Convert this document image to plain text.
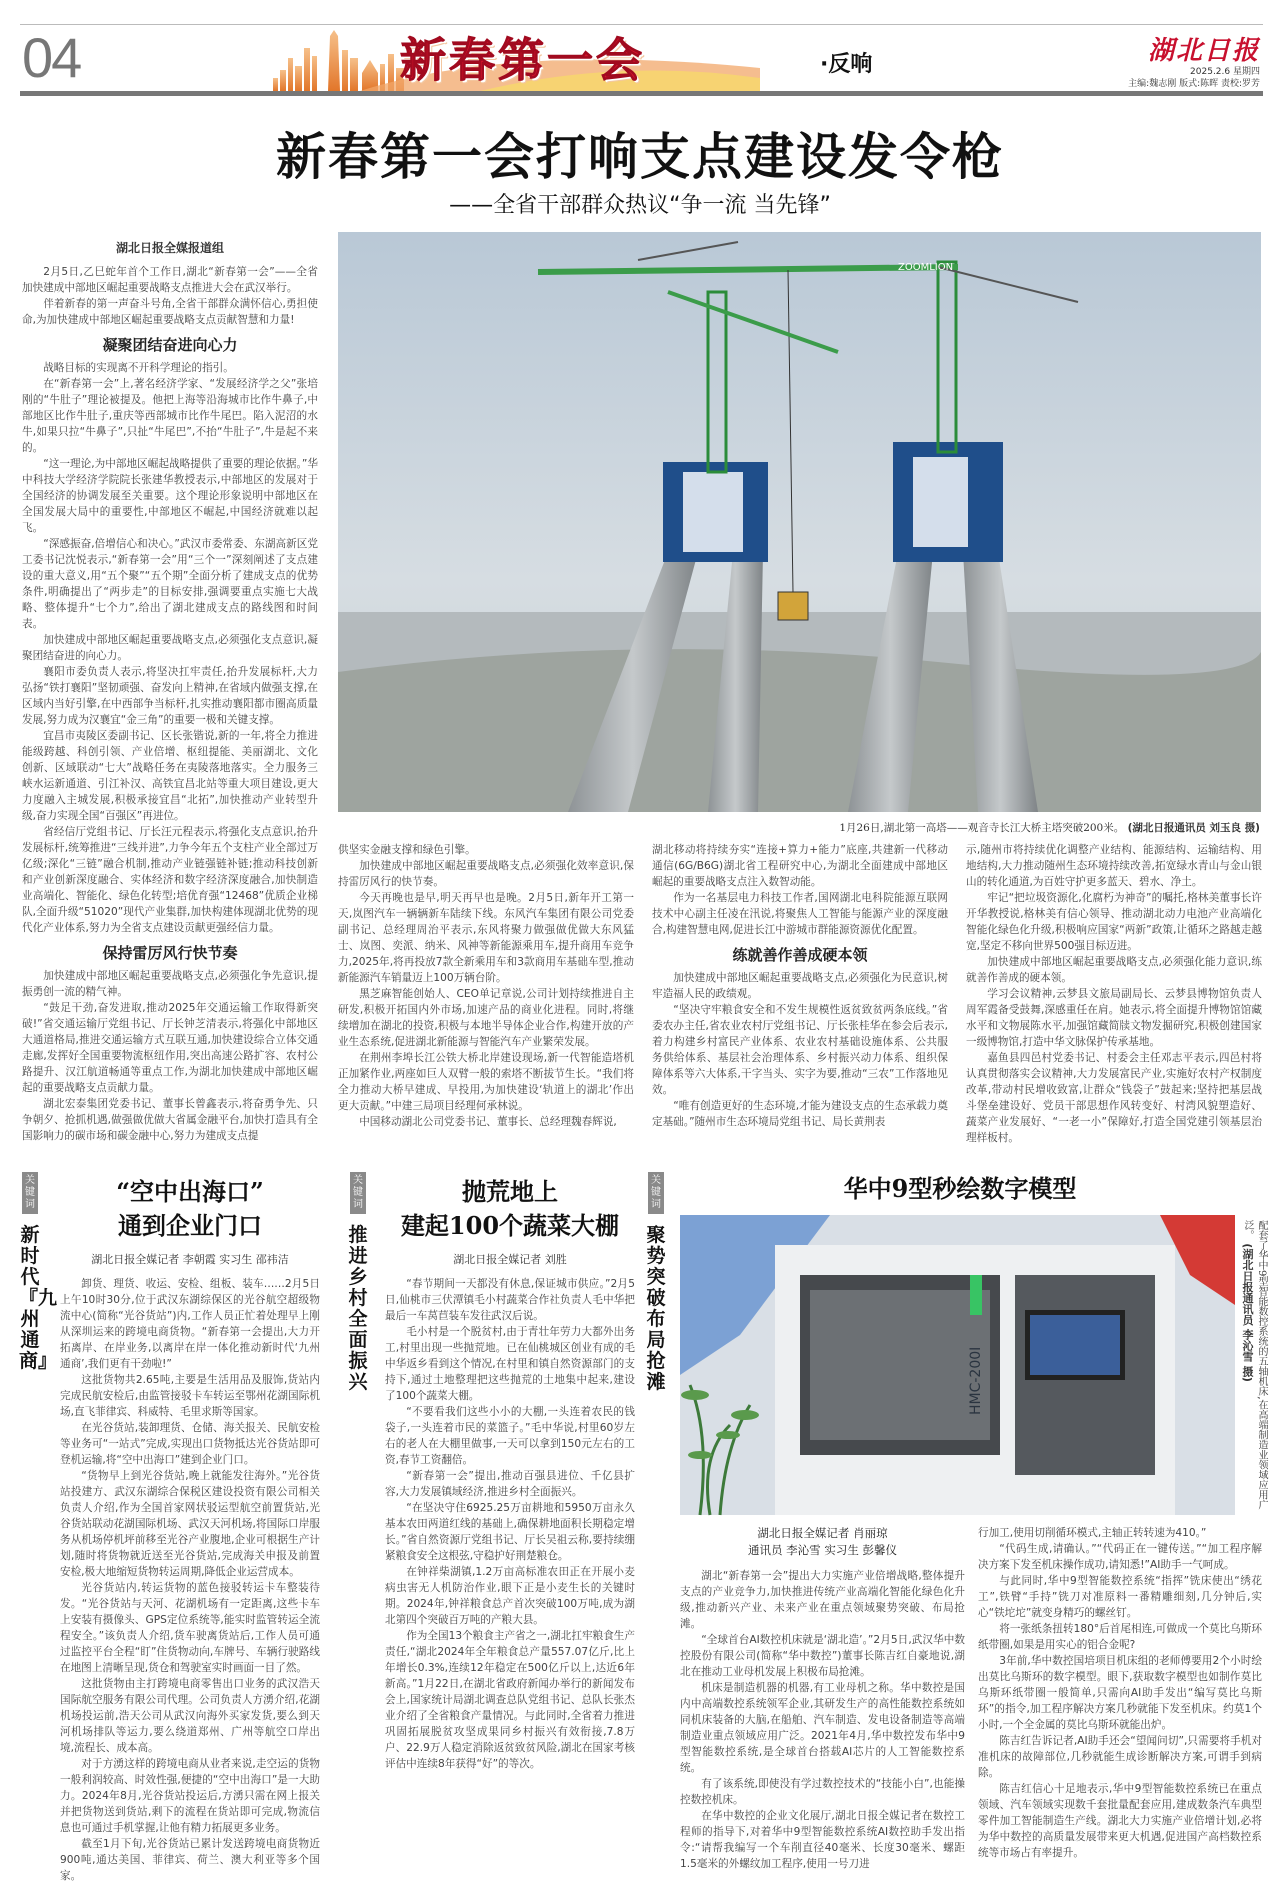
04	新春第一会	·反响	湖北日报
2025.2.6 星期四
主编:魏志刚 版式:陈晖 责校:罗芳
新春第一会打响支点建设发令枪
——全省干部群众热议“争一流 当先锋”
湖北日报全媒报道组

2月5日,乙巳蛇年首个工作日,湖北“新春第一会”——全省加快建成中部地区崛起重要战略支点推进大会在武汉举行。

伴着新春的第一声奋斗号角,全省干部群众满怀信心,勇担使命,为加快建成中部地区崛起重要战略支点贡献智慧和力量!

凝聚团结奋进向心力

战略目标的实现离不开科学理论的指引。

在“新春第一会”上,著名经济学家、“发展经济学之父”张培刚的“牛肚子”理论被提及。他把上海等沿海城市比作牛鼻子,中部地区比作牛肚子,重庆等西部城市比作牛尾巴。陷入泥沼的水牛,如果只拉“牛鼻子”,只扯“牛尾巴”,不抬“牛肚子”,牛是起不来的。

“这一理论,为中部地区崛起战略提供了重要的理论依据。”华中科技大学经济学院院长张建华教授表示,中部地区的发展对于全国经济的协调发展至关重要。这个理论形象说明中部地区在全国发展大局中的重要性,中部地区不崛起,中国经济就难以起飞。

“深感振奋,倍增信心和决心。”武汉市委常委、东湖高新区党工委书记沈悦表示,“新春第一会”用“三个一”深刻阐述了支点建设的重大意义,用“五个聚”“五个期”全面分析了建成支点的优势条件,明确提出了“两步走”的目标安排,强调要重点实施七大战略、整体提升“七个力”,给出了湖北建成支点的路线图和时间表。

加快建成中部地区崛起重要战略支点,必须强化支点意识,凝聚团结奋进的向心力。

襄阳市委负责人表示,将坚决扛牢责任,抬升发展标杆,大力弘扬“铁打襄阳”坚韧顽强、奋发向上精神,在省域内做强支撑,在区域内当好引擎,在中西部争当标杆,扎实推动襄阳都市圈高质量发展,努力成为汉襄宜“金三角”的重要一极和关键支撑。

宜昌市夷陵区委副书记、区长张锴说,新的一年,将全力推进能级跨越、科创引领、产业倍增、枢纽提能、美丽湖北、文化创新、区域联动“七大”战略任务在夷陵落地落实。全力服务三峡水运新通道、引江补汉、高铁宜昌北站等重大项目建设,更大力度融入主城发展,积极承接宜昌“北拓”,加快推动产业转型升级,奋力实现全国“百强区”再进位。

省经信厅党组书记、厅长汪元程表示,将强化支点意识,抬升发展标杆,统筹推进“三线并进”,力争今年五个支柱产业全部过万亿级;深化“三链”融合机制,推动产业链强链补链;推动科技创新和产业创新深度融合、实体经济和数字经济深度融合,加快制造业高端化、智能化、绿色化转型;培优育强“12468”优质企业梯队,全面升级“51020”现代产业集群,加快构建体现湖北优势的现代化产业体系,努力为全省支点建设贡献更强经信力量。

保持雷厉风行快节奏

加快建成中部地区崛起重要战略支点,必须强化争先意识,提振勇创一流的精气神。

“鼓足干劲,奋发进取,推动2025年交通运输工作取得新突破!”省交通运输厅党组书记、厅长钟芝清表示,将强化中部地区大通道格局,推进交通运输方式互联互通,加快建设综合立体交通走廊,发挥好全国重要物流枢纽作用,突出高速公路扩容、农村公路提升、汉江航道畅通等重点工作,为湖北加快建成中部地区崛起的重要战略支点贡献力量。

湖北宏泰集团党委书记、董事长曾鑫表示,将奋勇争先、只争朝夕、抢抓机遇,做强做优做大省属金融平台,加快打造具有全国影响力的碳市场和碳金融中心,努力为建成支点提

ZOOMLION
1月26日,湖北第一高塔——观音寺长江大桥主塔突破200米。 (湖北日报通讯员 刘玉良 摄)

供坚实金融支撑和绿色引擎。

加快建成中部地区崛起重要战略支点,必须强化效率意识,保持雷厉风行的快节奏。

今天再晚也是早,明天再早也是晚。2月5日,新年开工第一天,岚图汽车一辆辆新车陆续下线。东风汽车集团有限公司党委副书记、总经理周治平表示,东风将聚力做强做优做大东风猛士、岚图、奕派、纳米、风神等新能源乘用车,提升商用车竞争力,2025年,将再投放7款全新乘用车和3款商用车基础车型,推动新能源汽车销量迈上100万辆台阶。

黑芝麻智能创始人、CEO单记章说,公司计划持续推进自主研发,积极开拓国内外市场,加速产品的商业化进程。同时,将继续增加在湖北的投资,积极与本地半导体企业合作,构建开放的产业生态系统,促进湖北新能源与智能汽车产业繁荣发展。

在荆州李埠长江公铁大桥北岸建设现场,新一代智能造塔机正加紧作业,两座如巨人双臂一般的索塔不断拔节生长。“我们将全力推动大桥早建成、早投用,为加快建设‘轨道上的湖北’作出更大贡献。”中建三局项目经理何承林说。

中国移动湖北公司党委书记、董事长、总经理魏春辉说,

湖北移动将持续夯实“连接+算力+能力”底座,共建新一代移动通信(6G/B6G)湖北省工程研究中心,为湖北全面建成中部地区崛起的重要战略支点注入数智动能。

作为一名基层电力科技工作者,国网湖北电科院能源互联网技术中心副主任凌在汛说,将聚焦人工智能与能源产业的深度融合,构建智慧电网,促进长江中游城市群能源资源优化配置。

练就善作善成硬本领

加快建成中部地区崛起重要战略支点,必须强化为民意识,树牢造福人民的政绩观。

“坚决守牢粮食安全和不发生规模性返贫致贫两条底线。”省委农办主任,省农业农村厅党组书记、厅长张桂华在参会后表示,着力构建乡村富民产业体系、农业农村基础设施体系、公共服务供给体系、基层社会治理体系、乡村振兴动力体系、组织保障体系等六大体系,干字当头、实字为要,推动“三农”工作落地见效。

“唯有创造更好的生态环境,才能为建设支点的生态承载力奠定基础。”随州市生态环境局党组书记、局长黄荆表

示,随州市将持续优化调整产业结构、能源结构、运输结构、用地结构,大力推动随州生态环境持续改善,拓宽绿水青山与金山银山的转化通道,为百姓守护更多蓝天、碧水、净土。

牢记“把垃圾资源化,化腐朽为神奇”的嘱托,格林美董事长许开华教授说,格林美有信心领导、推动湖北动力电池产业高端化智能化绿色化升级,积极响应国家“两新”政策,让循环之路越走越宽,坚定不移向世界500强目标迈进。

加快建成中部地区崛起重要战略支点,必须强化能力意识,练就善作善成的硬本领。

学习会议精神,云梦县文旅局副局长、云梦县博物馆负责人周军霞备受鼓舞,深感重任在肩。她表示,将全面提升博物馆馆藏水平和文物展陈水平,加强馆藏简牍文物发掘研究,积极创建国家一级博物馆,打造中华文脉保护传承基地。

嘉鱼县四邑村党委书记、村委会主任邓志平表示,四邑村将认真贯彻落实会议精神,大力发展富民产业,实施好农村产权制度改革,带动村民增收致富,让群众“钱袋子”鼓起来;坚持把基层战斗堡垒建设好、党员干部思想作风转变好、村湾风貌塑造好、蔬菜产业发展好、“一老一小”保障好,打造全国党建引领基层治理样板村。

关键词
新时代『九州通商』
“空中出海口”
通到企业门口
湖北日报全媒记者 李朝霞 实习生 邵祎洁

卸货、理货、收运、安检、组板、装车……2月5日上午10时30分,位于武汉东湖综保区的光谷航空超级物流中心(简称“光谷货站”)内,工作人员正忙着处理早上刚从深圳运来的跨境电商货物。“新春第一会提出,大力开拓离岸、在岸业务,以离岸在岸一体化推动新时代‘九州通商’,我们更有干劲啦!”

这批货物共2.65吨,主要是生活用品及服饰,货站内完成民航安检后,由监管接驳卡车转运至鄂州花湖国际机场,直飞菲律宾、科威特、毛里求斯等国家。

在光谷货站,装卸理货、仓储、海关报关、民航安检等业务可“一站式”完成,实现出口货物抵达光谷货站即可登机运输,将“空中出海口”建到企业门口。

“货物早上到光谷货站,晚上就能发往海外。”光谷货站投建方、武汉东湖综合保税区建设投资有限公司相关负责人介绍,作为全国首家网状驳运型航空前置货站,光谷货站联动花湖国际机场、武汉天河机场,将国际口岸服务从机场停机坪前移至光谷产业腹地,企业可根据生产计划,随时将货物就近送至光谷货站,完成海关申报及前置安检,极大地缩短货物转运周期,降低企业运营成本。

光谷货站内,转运货物的蓝色接驳转运卡车整装待发。“光谷货站与天河、花湖机场有一定距离,这些卡车上安装有摄像头、GPS定位系统等,能实时监管转运全流程安全。”该负责人介绍,货车驶离货站后,工作人员可通过监控平台全程“盯”住货物动向,车牌号、车辆行驶路线在地图上清晰呈现,货仓和驾驶室实时画面一目了然。

这批货物由主打跨境电商零售出口业务的武汉浩天国际航空服务有限公司代理。公司负责人方湧介绍,花湖机场投运前,浩天公司从武汉向海外买家发货,要么到天河机场排队等运力,要么绕道郑州、广州等航空口岸出境,流程长、成本高。

对于方湧这样的跨境电商从业者来说,走空运的货物一般利润较高、时效性强,便捷的“空中出海口”是一大助力。2024年8月,光谷货站投运后,方湧只需在网上报关并把货物送到货站,剩下的流程在货站即可完成,物流信息也可通过手机掌握,让他有精力拓展更多业务。

截至1月下旬,光谷货站已累计发送跨境电商货物近900吨,通达美国、菲律宾、荷兰、澳大利亚等多个国家。

关键词
推进乡村全面振兴
抛荒地上
建起100个蔬菜大棚
湖北日报全媒记者 刘胜

“春节期间一天都没有休息,保证城市供应。”2月5日,仙桃市三伏潭镇毛小村蔬菜合作社负责人毛中华把最后一车莴苣装车发往武汉后说。

毛小村是一个脱贫村,由于青壮年劳力大都外出务工,村里出现一些抛荒地。已在仙桃城区创业有成的毛中华返乡看到这个情况,在村里和镇自然资源部门的支持下,通过土地整理把这些抛荒的土地集中起来,建设了100个蔬菜大棚。

“不要看我们这些小小的大棚,一头连着农民的钱袋子,一头连着市民的菜篮子。”毛中华说,村里60岁左右的老人在大棚里做事,一天可以拿到150元左右的工资,春节工资翻倍。

“新春第一会”提出,推动百强县进位、千亿县扩容,大力发展镇域经济,推进乡村全面振兴。

“在坚决守住6925.25万亩耕地和5950万亩永久基本农田两道红线的基础上,确保耕地面积长期稳定增长。”省自然资源厅党组书记、厅长吴祖云称,要持续绷紧粮食安全这根弦,守稳护好荆楚粮仓。

在钟祥柴湖镇,1.2万亩高标准农田正在开展小麦病虫害无人机防治作业,眼下正是小麦生长的关键时期。2024年,钟祥粮食总产首次突破100万吨,成为湖北第四个突破百万吨的产粮大县。

作为全国13个粮食主产省之一,湖北扛牢粮食生产责任,“湖北2024年全年粮食总产量557.07亿斤,比上年增长0.3%,连续12年稳定在500亿斤以上,达近6年新高。”1月22日,在湖北省政府新闻办举行的新闻发布会上,国家统计局湖北调查总队党组书记、总队长张杰业介绍了全省粮食产量情况。与此同时,全省着力推进巩固拓展脱贫攻坚成果同乡村振兴有效衔接,7.8万户、22.9万人稳定消除返贫致贫风险,湖北在国家考核评估中连续8年获得“好”的等次。

关键词
聚势突破 布局抢滩
华中9型秒绘数字模型
HMC-200I	配套了华中9型智能数控系统的五轴机床,在高端制造业领域应用广泛。 (湖北日报通讯员 李沁雪 摄)
湖北日报全媒记者 肖丽琼
通讯员 李沁雪 实习生 彭馨仪

湖北“新春第一会”提出大力实施产业倍增战略,整体提升支点的产业竞争力,加快推进传统产业高端化智能化绿色化升级,推动新兴产业、未来产业在重点领域聚势突破、布局抢滩。

“全球首台AI数控机床就是‘湖北造’。”2月5日,武汉华中数控股份有限公司(简称“华中数控”)董事长陈吉红自豪地说,湖北在推动工业母机发展上积极布局抢滩。

机床是制造机器的机器,有工业母机之称。华中数控是国内中高端数控系统领军企业,其研发生产的高性能数控系统如同机床装备的大脑,在船舶、汽车制造、发电设备制造等高端制造业重点领域应用广泛。2021年4月,华中数控发布华中9型智能数控系统,是全球首台搭载AI芯片的人工智能数控系统。

有了该系统,即使没有学过数控技术的“技能小白”,也能操控数控机床。

在华中数控的企业文化展厅,湖北日报全媒记者在数控工程师的指导下,对着华中9型智能数控系统AI数控助手发出指令:“请帮我编写一个车削直径40毫米、长度30毫米、螺距1.5毫米的外螺纹加工程序,使用一号刀进

行加工,使用切削循环模式,主轴正转转速为410。”

“代码生成,请确认。”“代码正在一键传送。”“加工程序解决方案下发至机床操作成功,请知悉!”AI助手一气呵成。

与此同时,华中9型智能数控系统“指挥”铣床使出“绣花工”,铁臂“手持”铣刀对准原料一番精雕细刻,几分钟后,实心“铁坨坨”就变身精巧的螺丝钉。

将一张纸条扭转180°后首尾相连,可做成一个莫比乌斯环纸带圈,如果是用实心的铝合金呢?

3年前,华中数控国培项目机床组的老师傅要用2个小时绘出莫比乌斯环的数字模型。眼下,获取数字模型也如制作莫比乌斯环纸带圈一般简单,只需向AI助手发出“编写莫比乌斯环”的指令,加工程序解决方案几秒就能下发至机床。约莫1个小时,一个全金属的莫比乌斯环就能出炉。

陈吉红告诉记者,AI助手还会“望闻问切”,只需要将手机对准机床的故障部位,几秒就能生成诊断解决方案,可谓手到病除。

陈吉红信心十足地表示,华中9型智能数控系统已在重点领域、汽车领域实现数千套批量配套应用,建成数条汽车典型零件加工智能制造生产线。湖北大力实施产业倍增计划,必将为华中数控的高质量发展带来更大机遇,促进国产高档数控系统等市场占有率提升。
